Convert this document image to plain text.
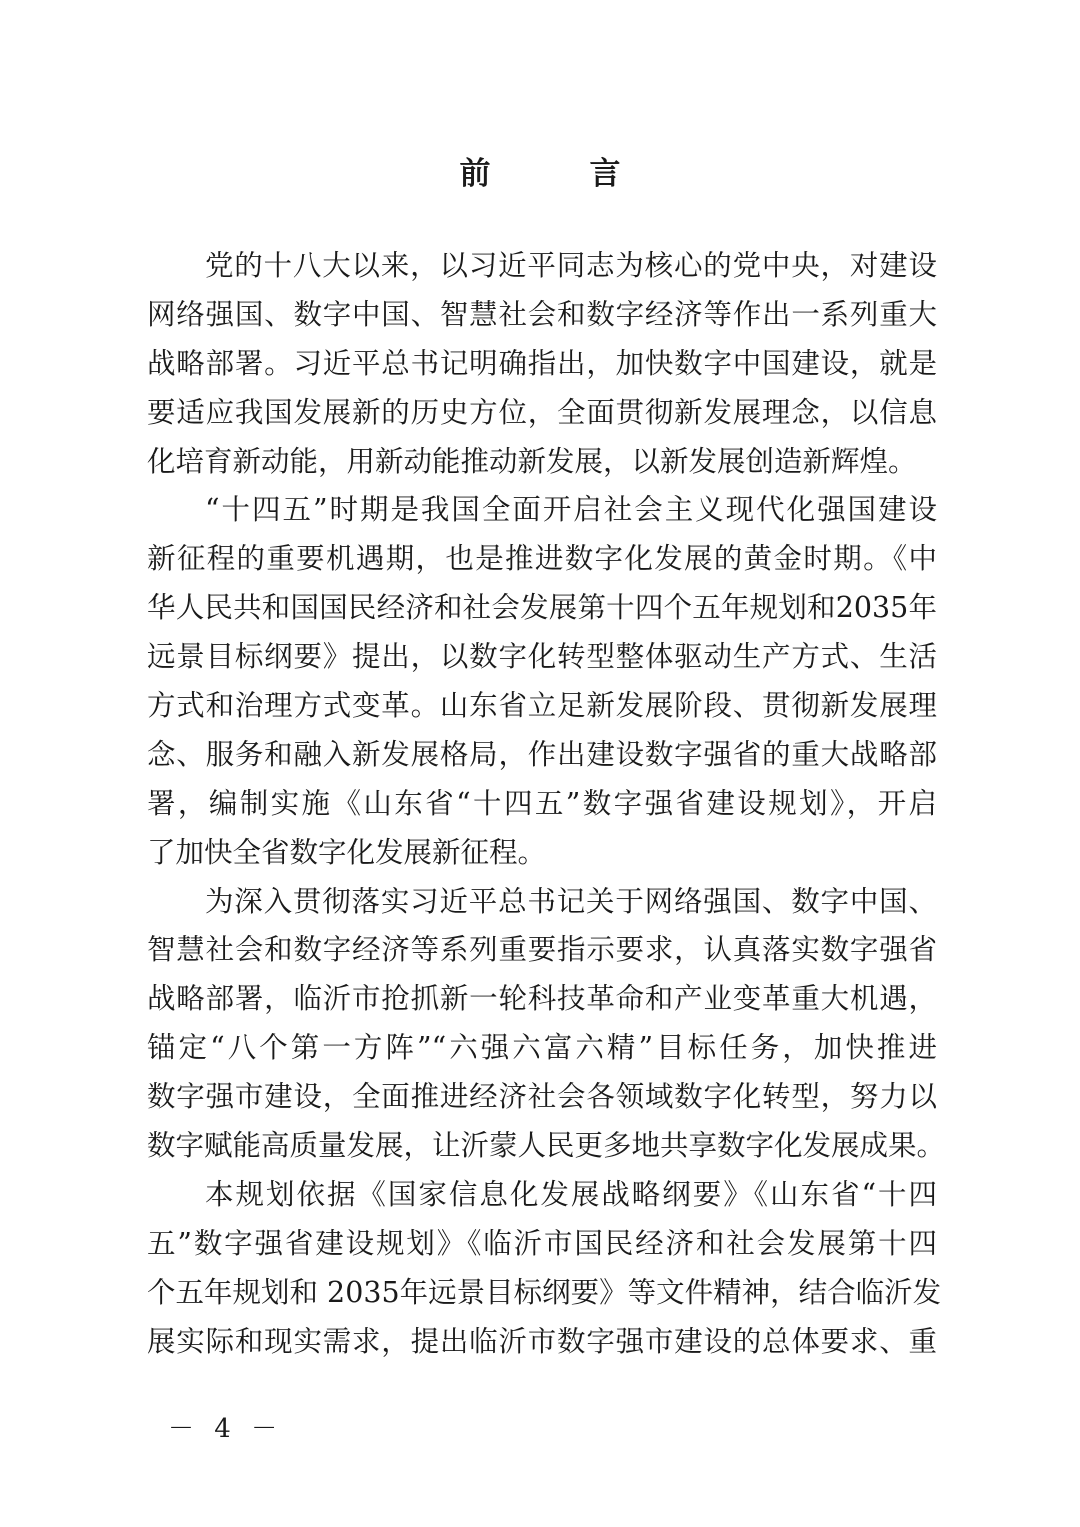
前　言
党的十八大以来，以习近平同志为核心的党中央，对建设
网络强国、数字中国、智慧社会和数字经济等作出一系列重大
战略部署。习近平总书记明确指出，加快数字中国建设，就是
要适应我国发展新的历史方位，全面贯彻新发展理念，以信息
化培育新动能，用新动能推动新发展，以新发展创造新辉煌。
“十四五”时期是我国全面开启社会主义现代化强国建设
新征程的重要机遇期，也是推进数字化发展的黄金时期。《中
华人民共和国国民经济和社会发展第十四个五年规划和2035年
远景目标纲要》提出，以数字化转型整体驱动生产方式、生活
方式和治理方式变革。山东省立足新发展阶段、贯彻新发展理
念、服务和融入新发展格局，作出建设数字强省的重大战略部
署，编制实施《山东省“十四五”数字强省建设规划》，开启
了加快全省数字化发展新征程。
为深入贯彻落实习近平总书记关于网络强国、数字中国、
智慧社会和数字经济等系列重要指示要求，认真落实数字强省
战略部署，临沂市抢抓新一轮科技革命和产业变革重大机遇，
锚定“八个第一方阵”“六强六富六精”目标任务，加快推进
数字强市建设，全面推进经济社会各领域数字化转型，努力以
数字赋能高质量发展，让沂蒙人民更多地共享数字化发展成果。
本规划依据《国家信息化发展战略纲要》《山东省“十四
五”数字强省建设规划》《临沂市国民经济和社会发展第十四
个五年规划和 2035年远景目标纲要》等文件精神，结合临沂发
展实际和现实需求，提出临沂市数字强市建设的总体要求、重
－ 4 －
